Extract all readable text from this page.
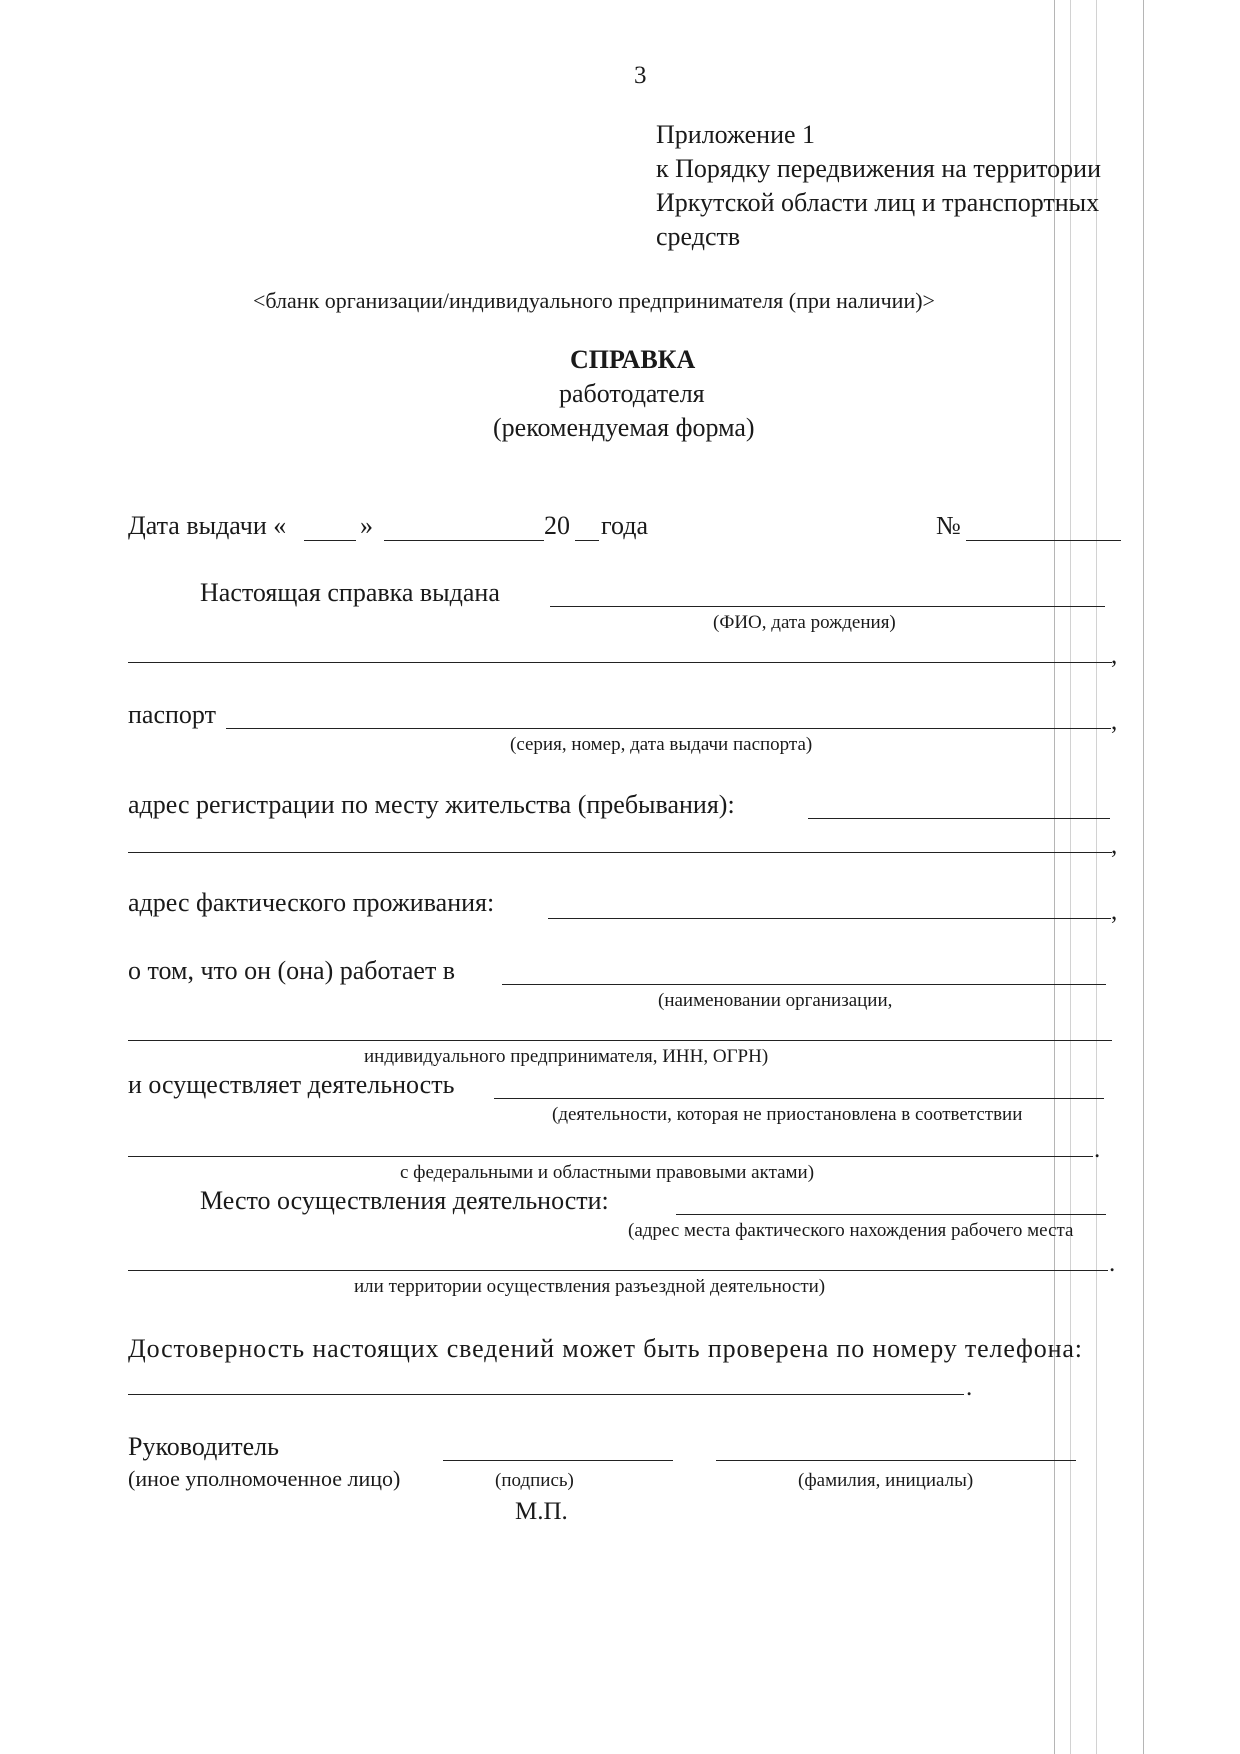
3
Приложение 1
к Порядку передвижения на территории
Иркутской области лиц и транспортных
средств
<бланк организации/индивидуального предпринимателя (при наличии)>
СПРАВКА
работодателя
(рекомендуемая форма)
Дата выдачи «	»	20 года	№
Настоящая справка выдана
(ФИО, дата рождения)
,
паспорт	,
(серия, номер, дата выдачи паспорта)
адрес регистрации по месту жительства (пребывания):
,
адрес фактического проживания:	,
о том, что он (она) работает в
(наименовании организации,
индивидуального предпринимателя, ИНН, ОГРН)
и осуществляет деятельность
(деятельности, которая не приостановлена в соответствии
.
с федеральными и областными правовыми актами)
Место осуществления деятельности:
(адрес места фактического нахождения рабочего места
.
или территории осуществления разъездной деятельности)
Достоверность настоящих сведений может быть проверена по номеру телефона:
.
Руководитель
(иное уполномоченное лицо)	(подпись)	(фамилия, инициалы)
М.П.
